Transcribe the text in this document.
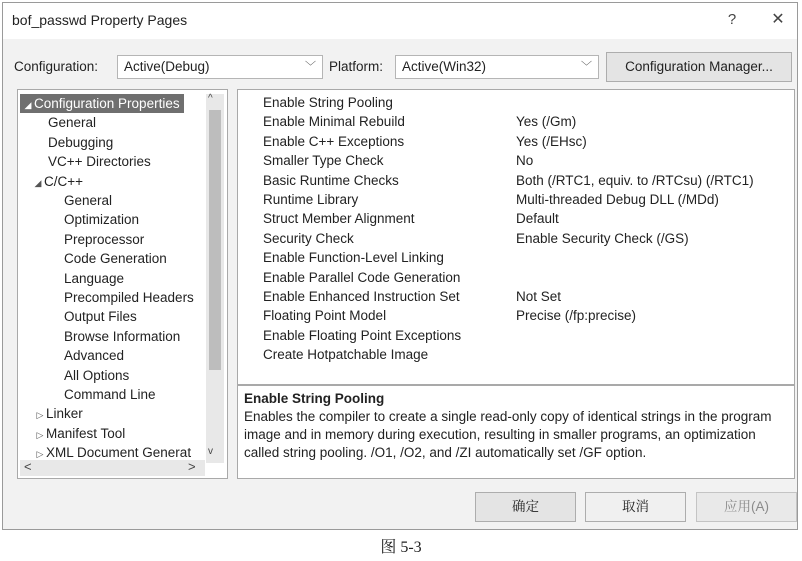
bof_passwd Property Pages	?	✕
Configuration:	Active(Debug)	﹀ Platform:	Active(Win32)	﹀	Configuration Manager...
◢ Configuration Properties
General
Debugging
VC++ Directories
◢ C/C++
General
Optimization
Preprocessor
Code Generation
Language
Precompiled Headers
Output Files
Browse Information
Advanced
All Options
Command Line
▷ Linker
▷ Manifest Tool
▷ XML Document Generat
^
v
<	>
Enable String Pooling
Enable Minimal Rebuild	Yes (/Gm)
Enable C++ Exceptions	Yes (/EHsc)
Smaller Type Check	No
Basic Runtime Checks	Both (/RTC1, equiv. to /RTCsu) (/RTC1)
Runtime Library	Multi-threaded Debug DLL (/MDd)
Struct Member Alignment	Default
Security Check	Enable Security Check (/GS)
Enable Function-Level Linking
Enable Parallel Code Generation
Enable Enhanced Instruction Set	Not Set
Floating Point Model	Precise (/fp:precise)
Enable Floating Point Exceptions
Create Hotpatchable Image
Enable String Pooling
Enables the compiler to create a single read-only copy of identical strings in the program image and in memory during execution, resulting in smaller programs, an optimization called string pooling. /O1, /O2, and /ZI automatically set /GF option.
确定	取消	应用(A)
图 5-3
